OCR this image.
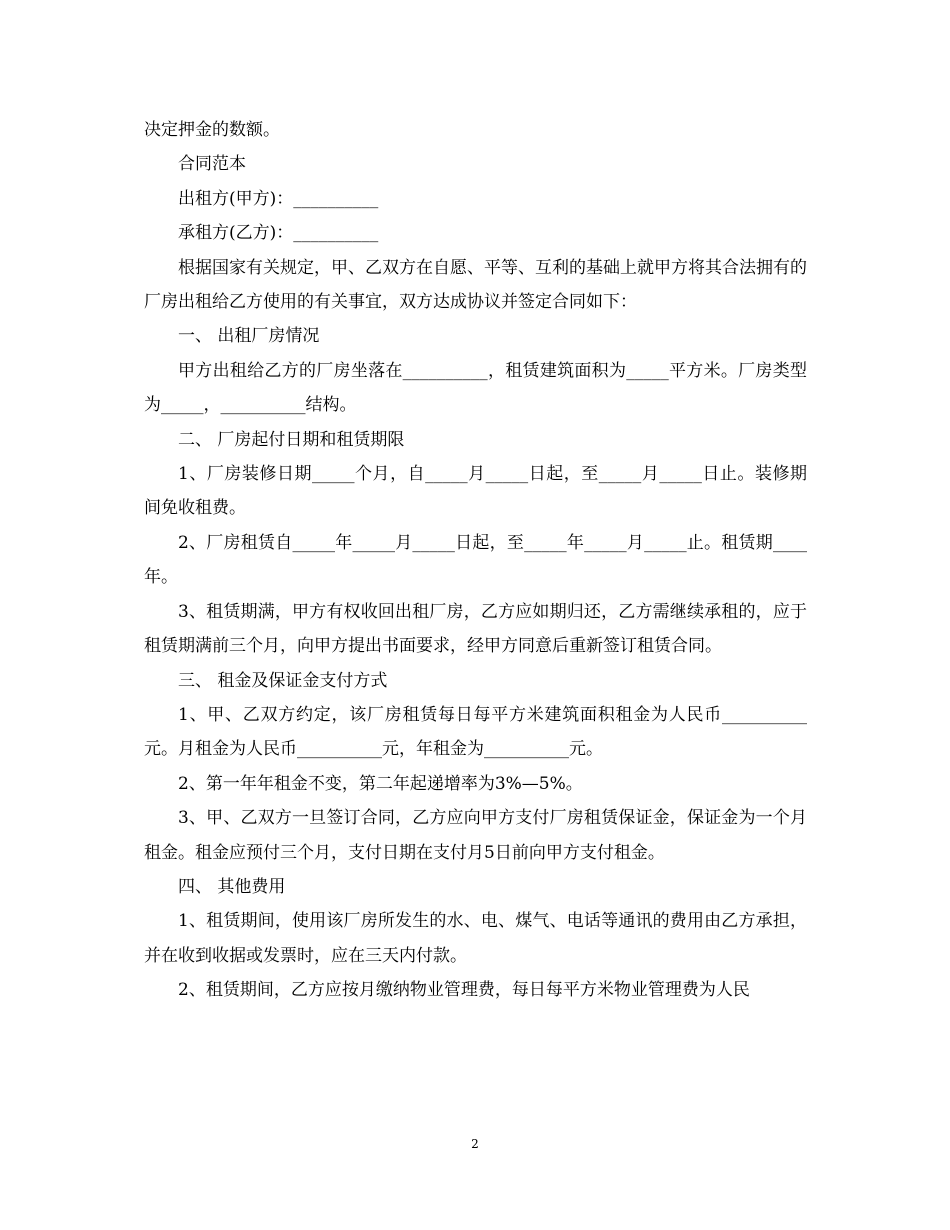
决定押金的数额。

合同范本

出租方(甲方)：__________

承租方(乙方)：__________

根据国家有关规定，甲、乙双方在自愿、平等、互利的基础上就甲方将其合法拥有的厂房出租给乙方使用的有关事宜，双方达成协议并签定合同如下：

一、 出租厂房情况

甲方出租给乙方的厂房坐落在__________，租赁建筑面积为_____平方米。厂房类型为_____，__________结构。

二、 厂房起付日期和租赁期限

1、厂房装修日期_____个月，自_____月_____日起，至_____月_____日止。装修期间免收租费。

2、厂房租赁自_____年_____月_____日起，至_____年_____月_____止。租赁期____年。

3、租赁期满，甲方有权收回出租厂房，乙方应如期归还，乙方需继续承租的，应于租赁期满前三个月，向甲方提出书面要求，经甲方同意后重新签订租赁合同。

三、 租金及保证金支付方式

1、甲、乙双方约定，该厂房租赁每日每平方米建筑面积租金为人民币__________元。月租金为人民币__________元，年租金为__________元。

2、第一年年租金不变，第二年起递增率为3%—5%。

3、甲、乙双方一旦签订合同，乙方应向甲方支付厂房租赁保证金，保证金为一个月租金。租金应预付三个月，支付日期在支付月5日前向甲方支付租金。

四、 其他费用

1、租赁期间，使用该厂房所发生的水、电、煤气、电话等通讯的费用由乙方承担，并在收到收据或发票时，应在三天内付款。

2、租赁期间，乙方应按月缴纳物业管理费，每日每平方米物业管理费为人民

2
